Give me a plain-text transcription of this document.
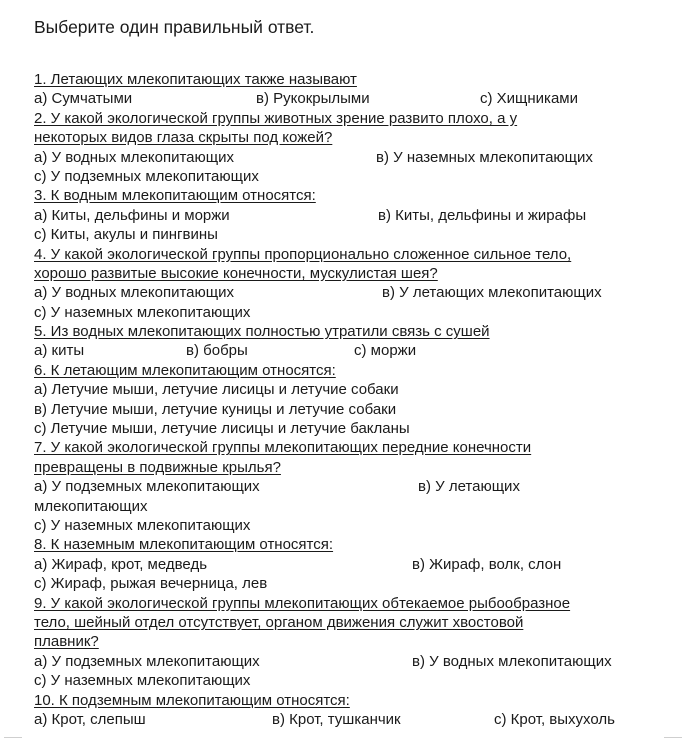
Выберите один правильный ответ.
1. Летающих млекопитающих также называют
а) Сумчатыми	в) Рукокрылыми	с) Хищниками
2. У какой экологической группы животных зрение развито плохо, а у
некоторых видов глаза скрыты под кожей?
а) У водных млекопитающих	в) У наземных млекопитающих
с) У подземных млекопитающих
3. К водным млекопитающим относятся:
а) Киты, дельфины и моржи	в) Киты, дельфины и жирафы
с) Киты, акулы и пингвины
4. У какой экологической группы пропорционально сложенное сильное тело,
хорошо развитые высокие конечности, мускулистая шея?
а) У водных млекопитающих	в) У летающих млекопитающих
с) У наземных млекопитающих
5. Из водных млекопитающих полностью утратили связь с сушей
а) киты	в) бобры	с) моржи
6. К летающим млекопитающим относятся:
а) Летучие мыши, летучие лисицы и летучие собаки
в) Летучие мыши, летучие куницы и летучие собаки
с) Летучие мыши, летучие лисицы и летучие бакланы
7. У какой экологической группы млекопитающих передние конечности
превращены в подвижные крылья?
а) У подземных млекопитающих	в) У летающих
млекопитающих
с) У наземных млекопитающих
8. К наземным млекопитающим относятся:
а) Жираф, крот, медведь	в) Жираф, волк, слон
с) Жираф, рыжая вечерница, лев
9. У какой экологической группы млекопитающих обтекаемое рыбообразное
тело, шейный отдел отсутствует, органом движения служит хвостовой
плавник?
а) У подземных млекопитающих	в) У водных млекопитающих
с) У наземных млекопитающих
10. К подземным млекопитающим относятся:
а) Крот, слепыш	в) Крот, тушканчик	с) Крот, выхухоль
